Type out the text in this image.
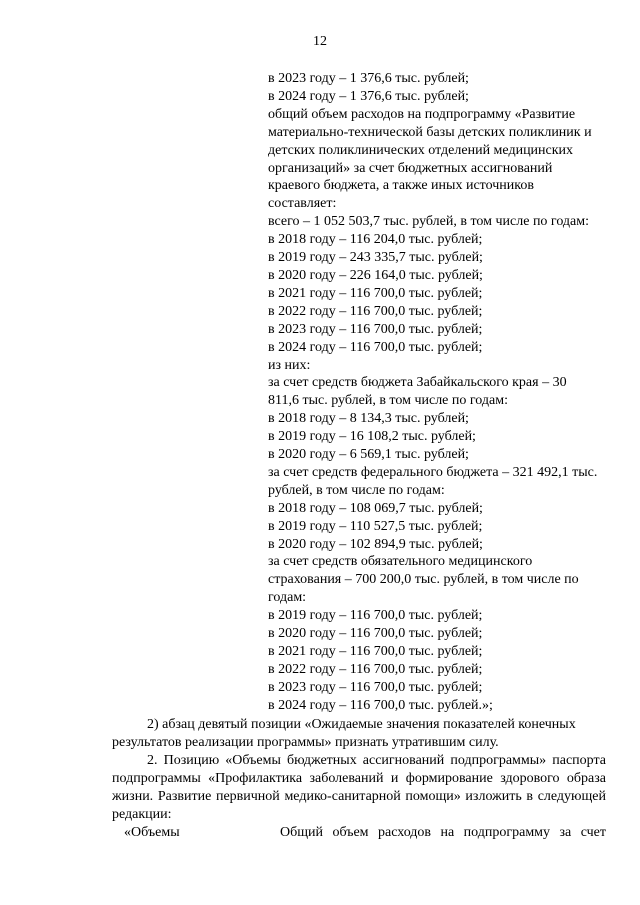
12
в 2023 году – 1 376,6 тыс. рублей;
в 2024 году – 1 376,6 тыс. рублей;
общий объем расходов на подпрограмму «Развитие материально-технической базы детских поликлиник и детских поликлинических отделений медицинских организаций» за счет бюджетных ассигнований краевого бюджета, а также иных источников составляет:
всего – 1 052 503,7 тыс. рублей, в том числе по годам:
в 2018 году – 116 204,0 тыс. рублей;
в 2019 году – 243 335,7 тыс. рублей;
в 2020 году – 226 164,0 тыс. рублей;
в 2021 году – 116 700,0 тыс. рублей;
в 2022 году – 116 700,0 тыс. рублей;
в 2023 году – 116 700,0 тыс. рублей;
в 2024 году – 116 700,0 тыс. рублей;
из них:
за счет средств бюджета Забайкальского края – 30 811,6 тыс. рублей, в том числе по годам:
в 2018 году – 8 134,3 тыс. рублей;
в 2019 году – 16 108,2 тыс. рублей;
в 2020 году – 6 569,1 тыс. рублей;
за счет средств федерального бюджета – 321 492,1 тыс. рублей, в том числе по годам:
в 2018 году – 108 069,7 тыс. рублей;
в 2019 году – 110 527,5 тыс. рублей;
в 2020 году – 102 894,9 тыс. рублей;
за счет средств обязательного медицинского страхования – 700 200,0 тыс. рублей, в том числе по годам:
в 2019 году – 116 700,0 тыс. рублей;
в 2020 году – 116 700,0 тыс. рублей;
в 2021 году – 116 700,0 тыс. рублей;
в 2022 году – 116 700,0 тыс. рублей;
в 2023 году – 116 700,0 тыс. рублей;
в 2024 году – 116 700,0 тыс. рублей.»;
2) абзац девятый позиции «Ожидаемые значения показателей конечных результатов реализации программы» признать утратившим силу.
2. Позицию «Объемы бюджетных ассигнований подпрограммы» паспорта подпрограммы «Профилактика заболеваний и формирование здорового образа жизни. Развитие первичной медико-санитарной помощи» изложить в следующей редакции:
«Объемы	Общий объем расходов на подпрограмму за счет
